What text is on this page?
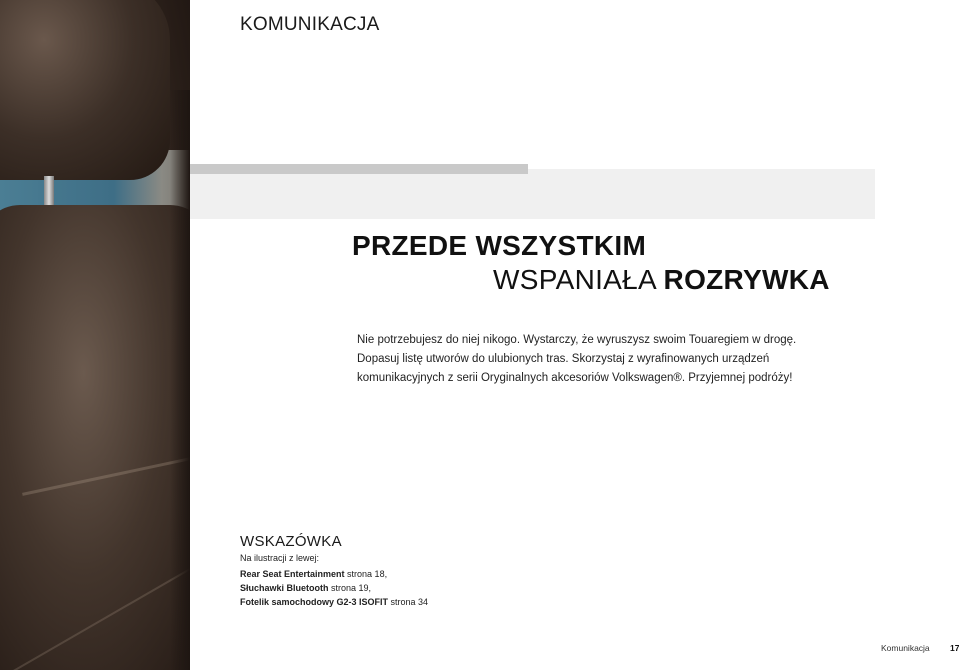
KOMUNIKACJA
PRZEDE WSZYSTKIM
WSPANIAŁA ROZRYWKA

Nie potrzebujesz do niej nikogo. Wystarczy, że wyruszysz swoim Touaregiem w drogę.

Dopasuj listę utworów do ulubionych tras. Skorzystaj z wyrafinowanych urządzeń

komunikacyjnych z serii Oryginalnych akcesoriów Volkswagen®. Przyjemnej podróży!

WSKAZÓWKA
Na ilustracji z lewej:
Rear Seat Entertainment strona 18,
Słuchawki Bluetooth strona 19,
Fotelik samochodowy G2-3 ISOFIT strona 34
Komunikacja 17
